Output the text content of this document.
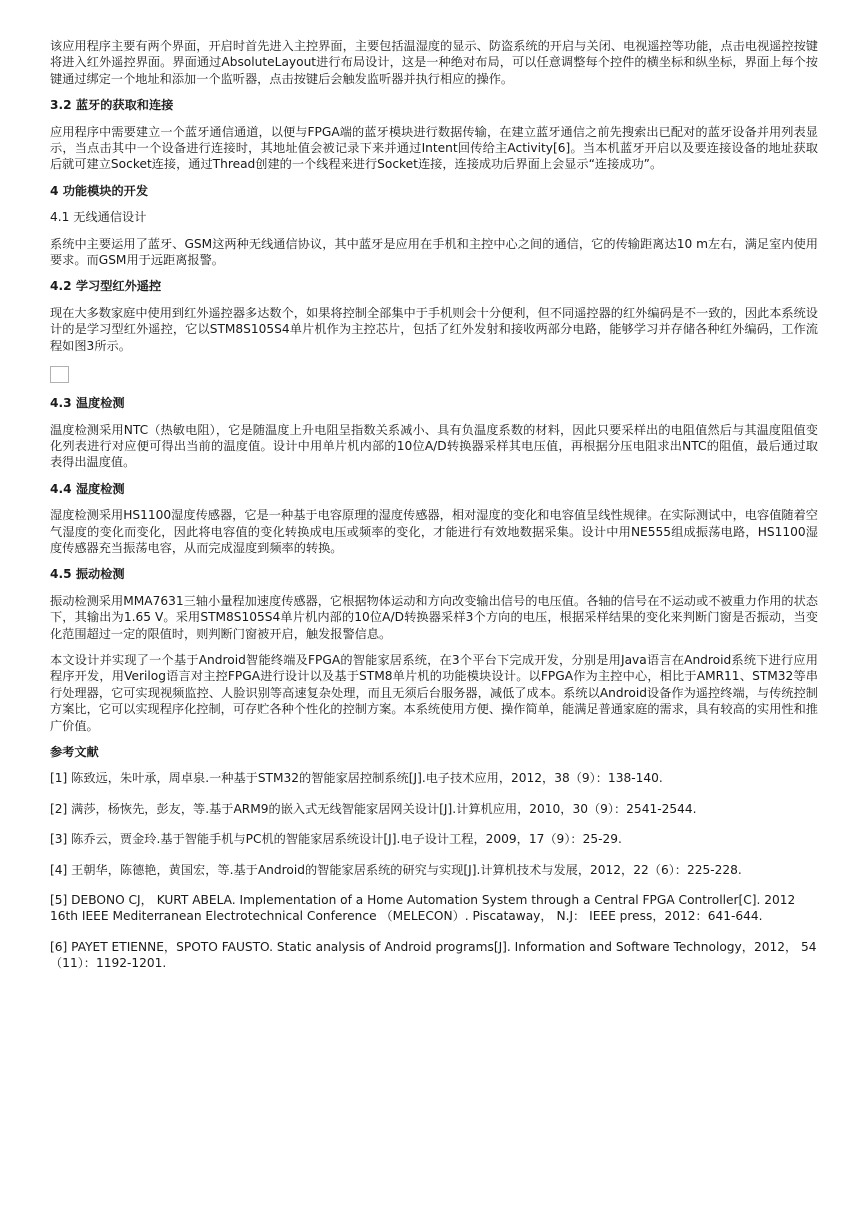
该应用程序主要有两个界面，开启时首先进入主控界面，主要包括温湿度的显示、防盗系统的开启与关闭、电视遥控等功能，点击电视遥控按键将进入红外遥控界面。界面通过AbsoluteLayout进行布局设计，这是一种绝对布局，可以任意调整每个控件的横坐标和纵坐标，界面上每个按键通过绑定一个地址和添加一个监听器，点击按键后会触发监听器并执行相应的操作。

3.2 蓝牙的获取和连接

应用程序中需要建立一个蓝牙通信通道，以便与FPGA端的蓝牙模块进行数据传输，在建立蓝牙通信之前先搜索出已配对的蓝牙设备并用列表显示，当点击其中一个设备进行连接时，其地址值会被记录下来并通过Intent回传给主Activity[6]。当本机蓝牙开启以及要连接设备的地址获取后就可建立Socket连接，通过Thread创建的一个线程来进行Socket连接，连接成功后界面上会显示“连接成功”。

4 功能模块的开发

4.1 无线通信设计

系统中主要运用了蓝牙、GSM这两种无线通信协议，其中蓝牙是应用在手机和主控中心之间的通信，它的传输距离达10 m左右，满足室内使用要求。而GSM用于远距离报警。

4.2 学习型红外遥控

现在大多数家庭中使用到红外遥控器多达数个，如果将控制全部集中于手机则会十分便利，但不同遥控器的红外编码是不一致的，因此本系统设计的是学习型红外遥控，它以STM8S105S4单片机作为主控芯片，包括了红外发射和接收两部分电路，能够学习并存储各种红外编码，工作流程如图3所示。

4.3 温度检测

温度检测采用NTC（热敏电阻），它是随温度上升电阻呈指数关系减小、具有负温度系数的材料，因此只要采样出的电阻值然后与其温度阻值变化列表进行对应便可得出当前的温度值。设计中用单片机内部的10位A/D转换器采样其电压值，再根据分压电阻求出NTC的阻值，最后通过取表得出温度值。

4.4 湿度检测

湿度检测采用HS1100湿度传感器，它是一种基于电容原理的湿度传感器，相对湿度的变化和电容值呈线性规律。在实际测试中，电容值随着空气湿度的变化而变化，因此将电容值的变化转换成电压或频率的变化，才能进行有效地数据采集。设计中用NE555组成振荡电路，HS1100湿度传感器充当振荡电容，从而完成湿度到频率的转换。

4.5 振动检测

振动检测采用MMA7631三轴小量程加速度传感器，它根据物体运动和方向改变输出信号的电压值。各轴的信号在不运动或不被重力作用的状态下，其输出为1.65 V。采用STM8S105S4单片机内部的10位A/D转换器采样3个方向的电压，根据采样结果的变化来判断门窗是否振动，当变化范围超过一定的限值时，则判断门窗被开启，触发报警信息。

本文设计并实现了一个基于Android智能终端及FPGA的智能家居系统，在3个平台下完成开发，分别是用Java语言在Android系统下进行应用程序开发，用Verilog语言对主控FPGA进行设计以及基于STM8单片机的功能模块设计。以FPGA作为主控中心，相比于AMR11、STM32等串行处理器，它可实现视频监控、人脸识别等高速复杂处理，而且无须后台服务器，减低了成本。系统以Android设备作为遥控终端，与传统控制方案比，它可以实现程序化控制，可存贮各种个性化的控制方案。本系统使用方便、操作简单，能满足普通家庭的需求，具有较高的实用性和推广价值。

参考文献

[1] 陈致远，朱叶承，周卓泉.一种基于STM32的智能家居控制系统[J].电子技术应用，2012，38（9）：138-140.

[2] 满莎，杨恢先，彭友，等.基于ARM9的嵌入式无线智能家居网关设计[J].计算机应用，2010，30（9）：2541-2544.

[3] 陈乔云，贾金玲.基于智能手机与PC机的智能家居系统设计[J].电子设计工程，2009，17（9）：25-29.

[4] 王朝华，陈德艳，黄国宏，等.基于Android的智能家居系统的研究与实现[J].计算机技术与发展，2012，22（6）：225-228.

[5] DEBONO CJ， KURT ABELA. Implementation of a Home Automation System through a Central FPGA Controller[C]. 2012 16th IEEE Mediterranean Electrotechnical Conference （MELECON）. Piscataway， N.J： IEEE press，2012：641-644.

[6] PAYET ETIENNE，SPOTO FAUSTO. Static analysis of Android programs[J]. Information and Software Technology，2012， 54（11）：1192-1201.
